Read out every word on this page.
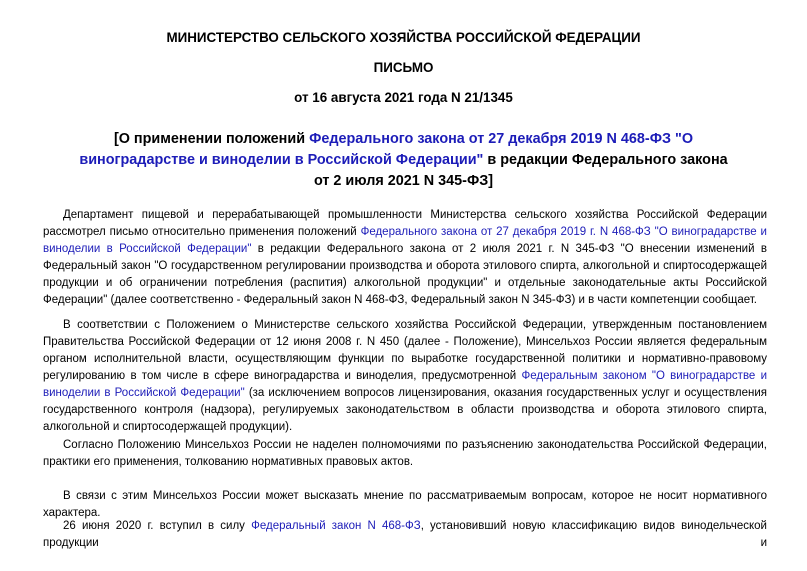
МИНИСТЕРСТВО СЕЛЬСКОГО ХОЗЯЙСТВА РОССИЙСКОЙ ФЕДЕРАЦИИ

ПИСЬМО

от 16 августа 2021 года N 21/1345

[О применении положений Федерального закона от 27 декабря 2019 N 468-ФЗ "О виноградарстве и виноделии в Российской Федерации" в редакции Федерального закона от 2 июля 2021 N 345-ФЗ]

Департамент пищевой и перерабатывающей промышленности Министерства сельского хозяйства Российской Федерации рассмотрел письмо относительно применения положений Федерального закона от 27 декабря 2019 г. N 468-ФЗ "О виноградарстве и виноделии в Российской Федерации" в редакции Федерального закона от 2 июля 2021 г. N 345-ФЗ "О внесении изменений в Федеральный закон "О государственном регулировании производства и оборота этилового спирта, алкогольной и спиртосодержащей продукции и об ограничении потребления (распития) алкогольной продукции" и отдельные законодательные акты Российской Федерации" (далее соответственно - Федеральный закон N 468-ФЗ, Федеральный закон N 345-ФЗ) и в части компетенции сообщает.

В соответствии с Положением о Министерстве сельского хозяйства Российской Федерации, утвержденным постановлением Правительства Российской Федерации от 12 июня 2008 г. N 450 (далее - Положение), Минсельхоз России является федеральным органом исполнительной власти, осуществляющим функции по выработке государственной политики и нормативно-правовому регулированию в том числе в сфере виноградарства и виноделия, предусмотренной Федеральным законом "О виноградарстве и виноделии в Российской Федерации" (за исключением вопросов лицензирования, оказания государственных услуг и осуществления государственного контроля (надзора), регулируемых законодательством в области производства и оборота этилового спирта, алкогольной и спиртосодержащей продукции).

Согласно Положению Минсельхоз России не наделен полномочиями по разъяснению законодательства Российской Федерации, практики его применения, толкованию нормативных правовых актов.

В связи с этим Минсельхоз России может высказать мнение по рассматриваемым вопросам, которое не носит нормативного характера.

26 июня 2020 г. вступил в силу Федеральный закон N 468-ФЗ, установивший новую классификацию видов винодельческой продукции и
